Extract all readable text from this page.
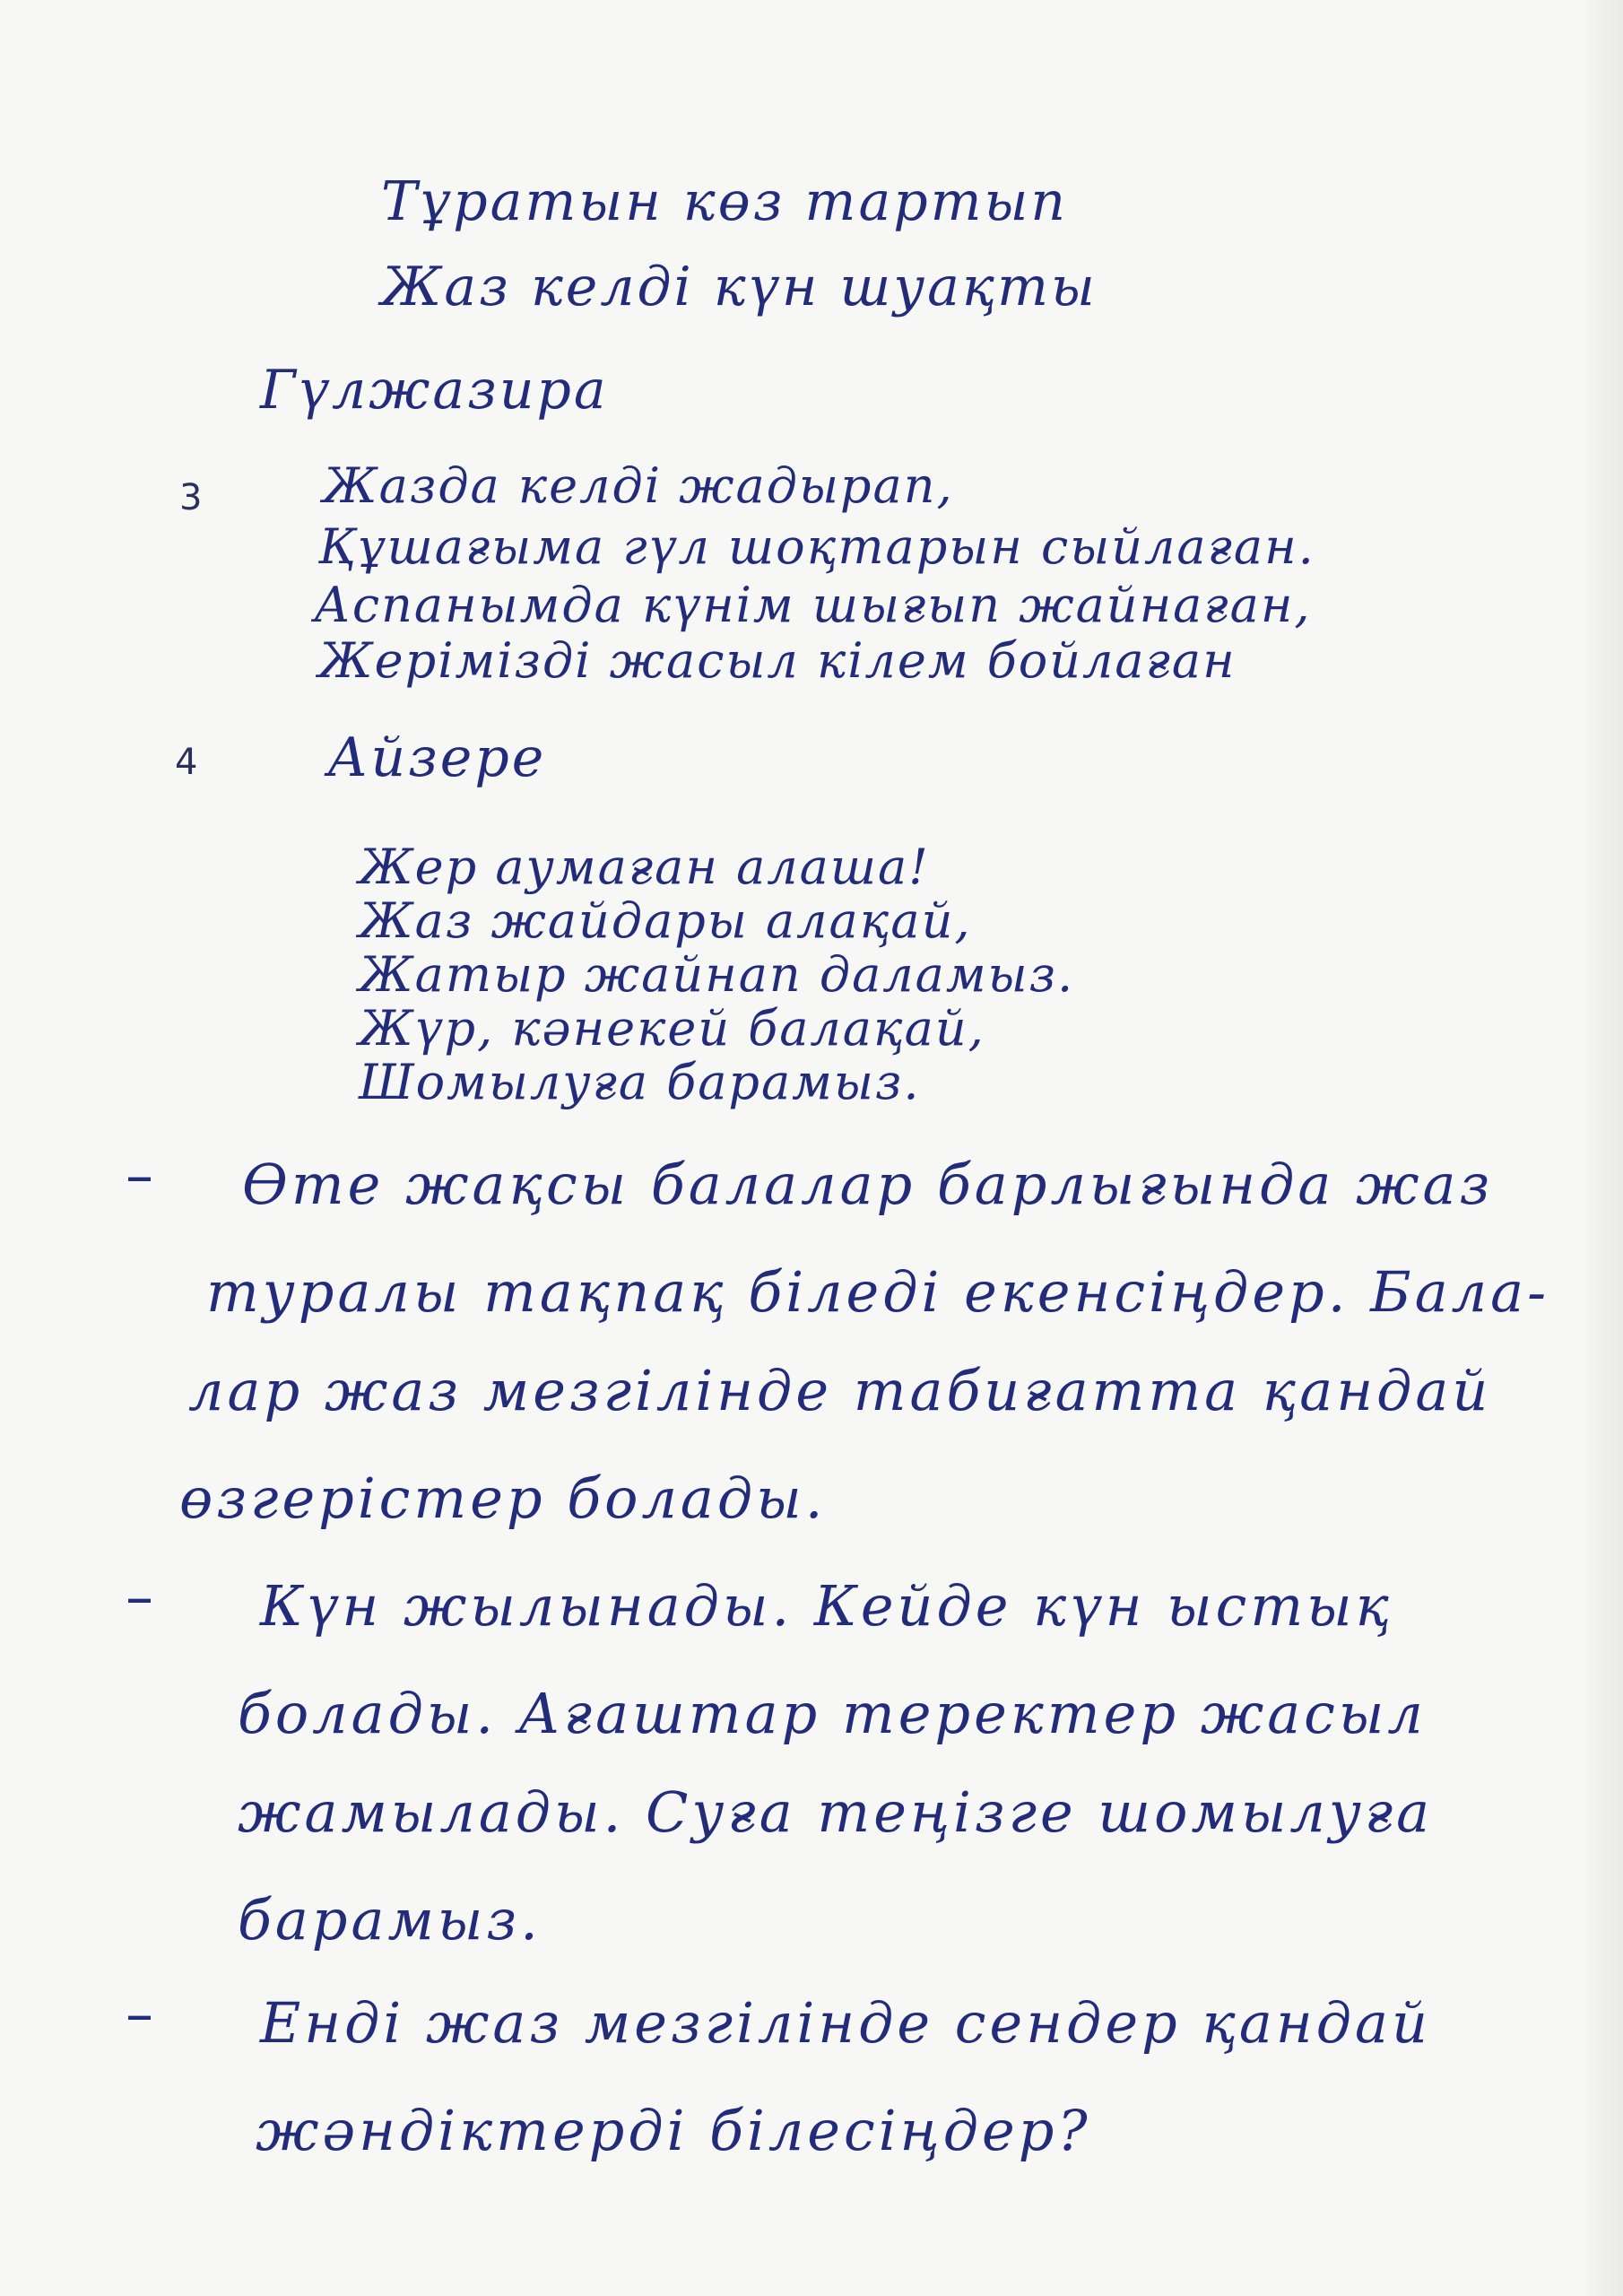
Тұратын көз тартып
Жаз келді күн шуақты
Гүлжазира
3 Жазда келді жадырап,
Құшағыма гүл шоқтарын сыйлаған.
Аспанымда күнім шығып жайнаған,
Жерімізді жасыл кілем бойлаған
4 Айзере
Жер аумаған алаша!
Жаз жайдары алақай,
Жатыр жайнап даламыз.
Жүр, кәнекей балақай,
Шомылуға барамыз.
– Өте жақсы балалар барлығында жаз
туралы тақпақ біледі екенсіңдер. Бала-
лар жаз мезгілінде табиғатта қандай
өзгерістер болады.
– Күн жылынады. Кейде күн ыстық
болады. Ағаштар теректер жасыл
жамылады. Суға теңізге шомылуға
барамыз.
– Енді жаз мезгілінде сендер қандай
жәндіктерді білесіңдер?
